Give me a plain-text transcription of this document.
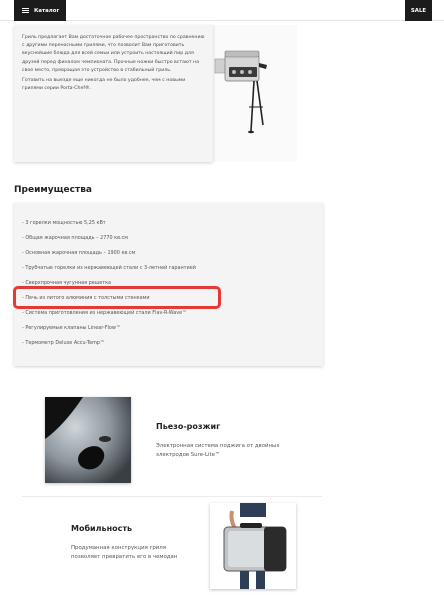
Каталог	SALE

Гриль предлагает Вам достаточное рабочее пространство по сравнению с другими переносными грилями, что позволит Вам приготовить вкуснейшие блюда для всей семьи или устроить настоящий пир для друзей перед финалом чемпионата. Прочные ножки быстро встают на свое место, превращая это устройство в стабильный гриль.

Готовить на выезде еще никогда не было удобнее, чем с новыми грилями серии Porta-Chef®.

Преимущества
- 3 горелки мощностью 5,25 кВт
- Общая жарочная площадь – 2770 кв.см
- Основная жарочная площадь – 1900 кв.см
- Трубчатые горелки из нержавеющей стали с 3-летней гарантией
- Сверхпрочная чугунная решетка
- Печь из литого алюминия с толстыми стенками
- Система приготовления из нержавеющей стали Flav-R-Wave™
- Регулируемые клапаны Linear-Flow™
- Термометр Deluxe Accu-Temp™
Пьезо-розжиг
Электронная система поджига от двойных электродов Sure-Lite™
Мобильность
Продуманная конструкция гриля позволяет превратить его в чемодан
